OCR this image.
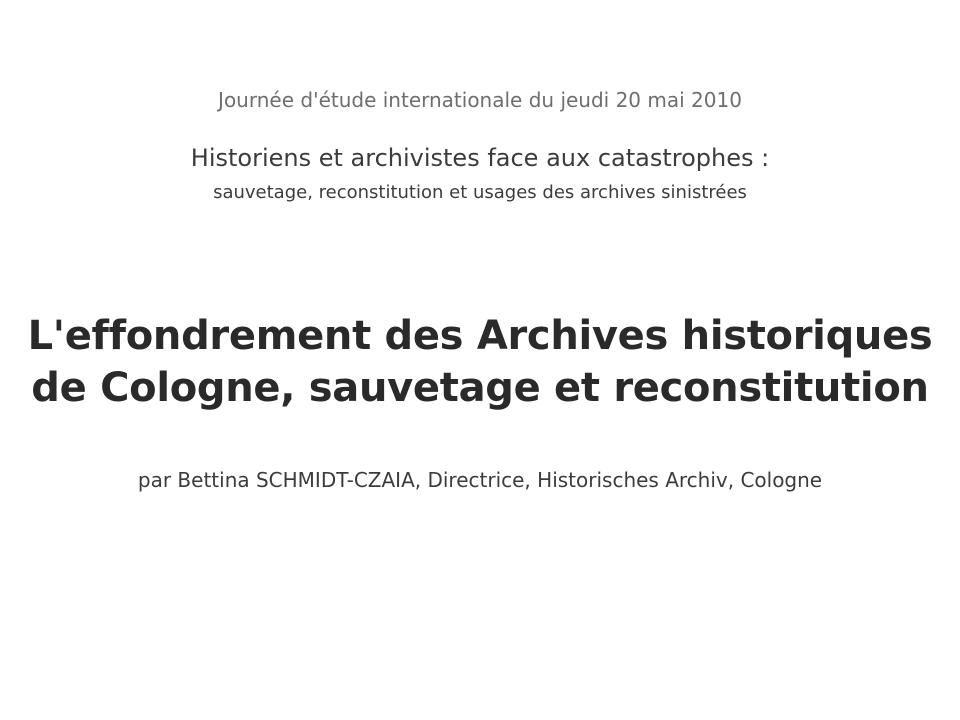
Journée d'étude internationale du jeudi 20 mai 2010
Historiens et archivistes face aux catastrophes :
sauvetage, reconstitution et usages des archives sinistrées
L'effondrement des Archives historiques
de Cologne, sauvetage et reconstitution
par Bettina SCHMIDT-CZAIA, Directrice, Historisches Archiv, Cologne
